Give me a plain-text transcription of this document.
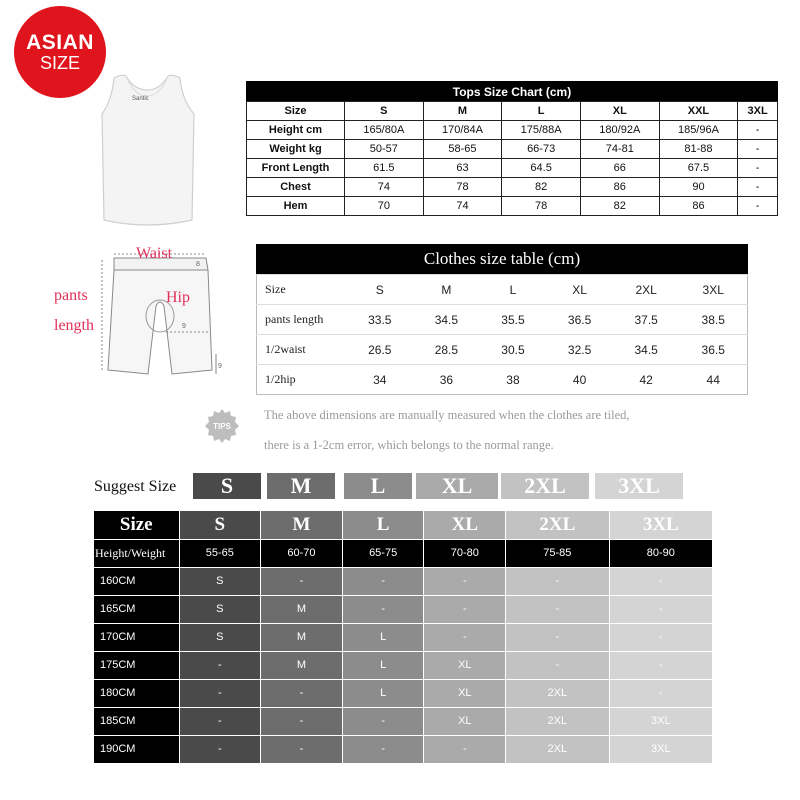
ASIAN
SIZE
Santic	Tops Size Chart (cm)
Size	S	M	L	XL	XXL	3XL
Height cm	165/80A	170/84A	175/88A	180/92A	185/96A	-
Weight kg	50-57	58-65	66-73	74-81	81-88	-
Front Length	61.5	63	64.5	66	67.5	-
Chest	74	78	82	86	90	-
Hem	70	74	78	82	86	-
8
9
9
Waist
Hip
pants
length
Clothes size table (cm)
Size	S	M	L	XL	2XL	3XL
pants length	33.5	34.5	35.5	36.5	37.5	38.5
1/2waist	26.5	28.5	30.5	32.5	34.5	36.5
1/2hip	34	36	38	40	42	44
TIPS
The above dimensions are manually measured when the clothes are tiled,
there is a 1-2cm error, which belongs to the normal range.
Suggest Size	S	M	L	XL	2XL	3XL
Size	S	M	L	XL	2XL	3XL
Height/Weight	55-65	60-70	65-75	70-80	75-85	80-90
160CM	S	-	-	-	-	-
165CM	S	M	-	-	-	-
170CM	S	M	L	-	-	-
175CM	-	M	L	XL	-	-
180CM	-	-	L	XL	2XL	-
185CM	-	-	-	XL	2XL	3XL
190CM	-	-	-	-	2XL	3XL
